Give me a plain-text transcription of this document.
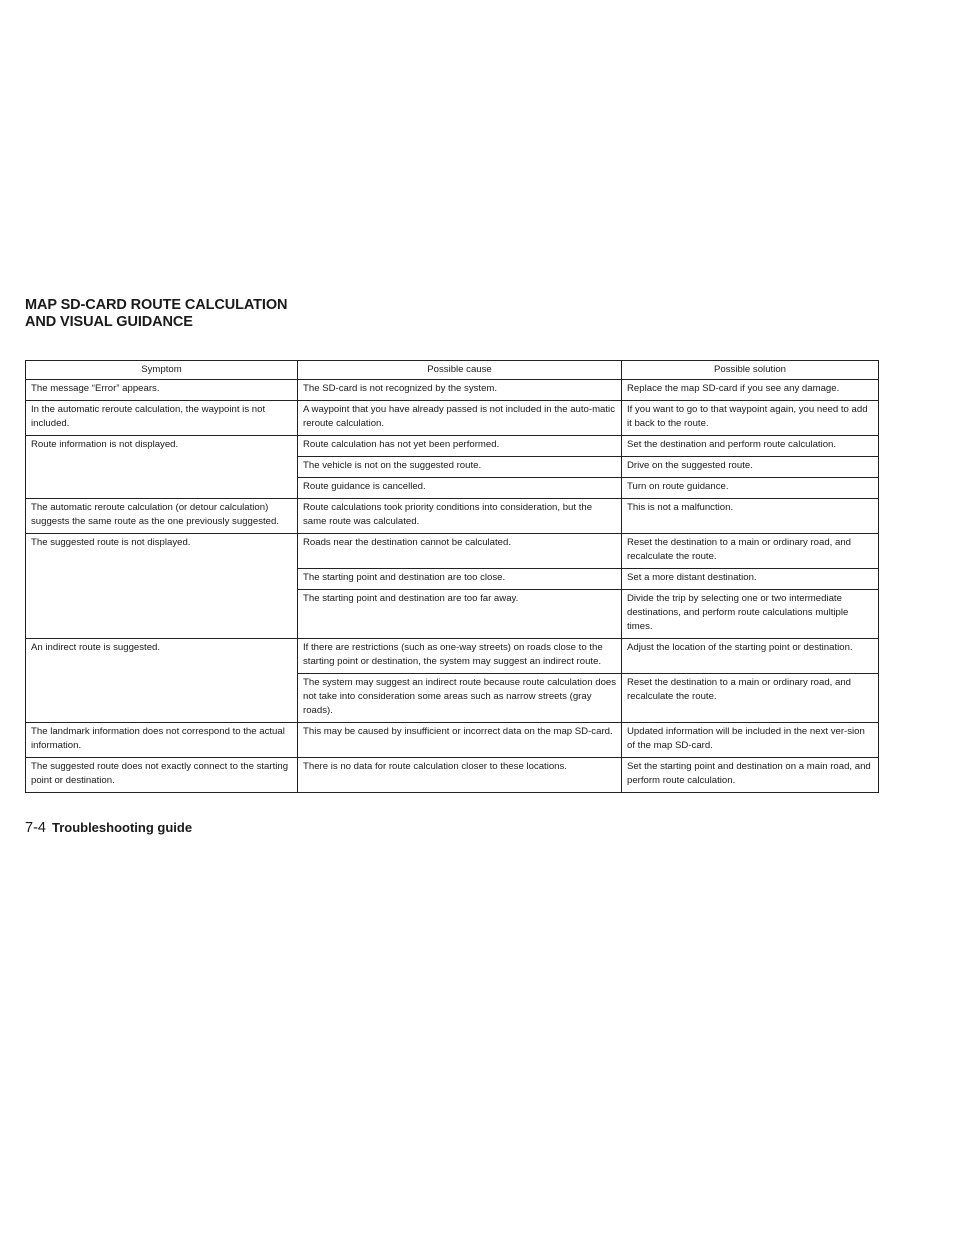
MAP SD-CARD ROUTE CALCULATION
AND VISUAL GUIDANCE
Symptom	Possible cause	Possible solution
The message “Error” appears.	The SD-card is not recognized by the system.	Replace the map SD-card if you see any damage.
In the automatic reroute calculation, the waypoint is not included.	A waypoint that you have already passed is not included in the auto-matic reroute calculation.	If you want to go to that waypoint again, you need to add it back to the route.
Route information is not displayed.	Route calculation has not yet been performed.	Set the destination and perform route calculation.
	The vehicle is not on the suggested route.	Drive on the suggested route.
	Route guidance is cancelled.	Turn on route guidance.
The automatic reroute calculation (or detour calculation) suggests the same route as the one previously suggested.	Route calculations took priority conditions into consideration, but the same route was calculated.	This is not a malfunction.
The suggested route is not displayed.	Roads near the destination cannot be calculated.	Reset the destination to a main or ordinary road, and recalculate the route.
	The starting point and destination are too close.	Set a more distant destination.
	The starting point and destination are too far away.	Divide the trip by selecting one or two intermediate destinations, and perform route calculations multiple times.
An indirect route is suggested.	If there are restrictions (such as one-way streets) on roads close to the starting point or destination, the system may suggest an indirect route.	Adjust the location of the starting point or destination.
	The system may suggest an indirect route because route calculation does not take into consideration some areas such as narrow streets (gray roads).	Reset the destination to a main or ordinary road, and recalculate the route.
The landmark information does not correspond to the actual information.	This may be caused by insufficient or incorrect data on the map SD-card.	Updated information will be included in the next ver-sion of the map SD-card.
The suggested route does not exactly connect to the starting point or destination.	There is no data for route calculation closer to these locations.	Set the starting point and destination on a main road, and perform route calculation.
7-4 Troubleshooting guide
